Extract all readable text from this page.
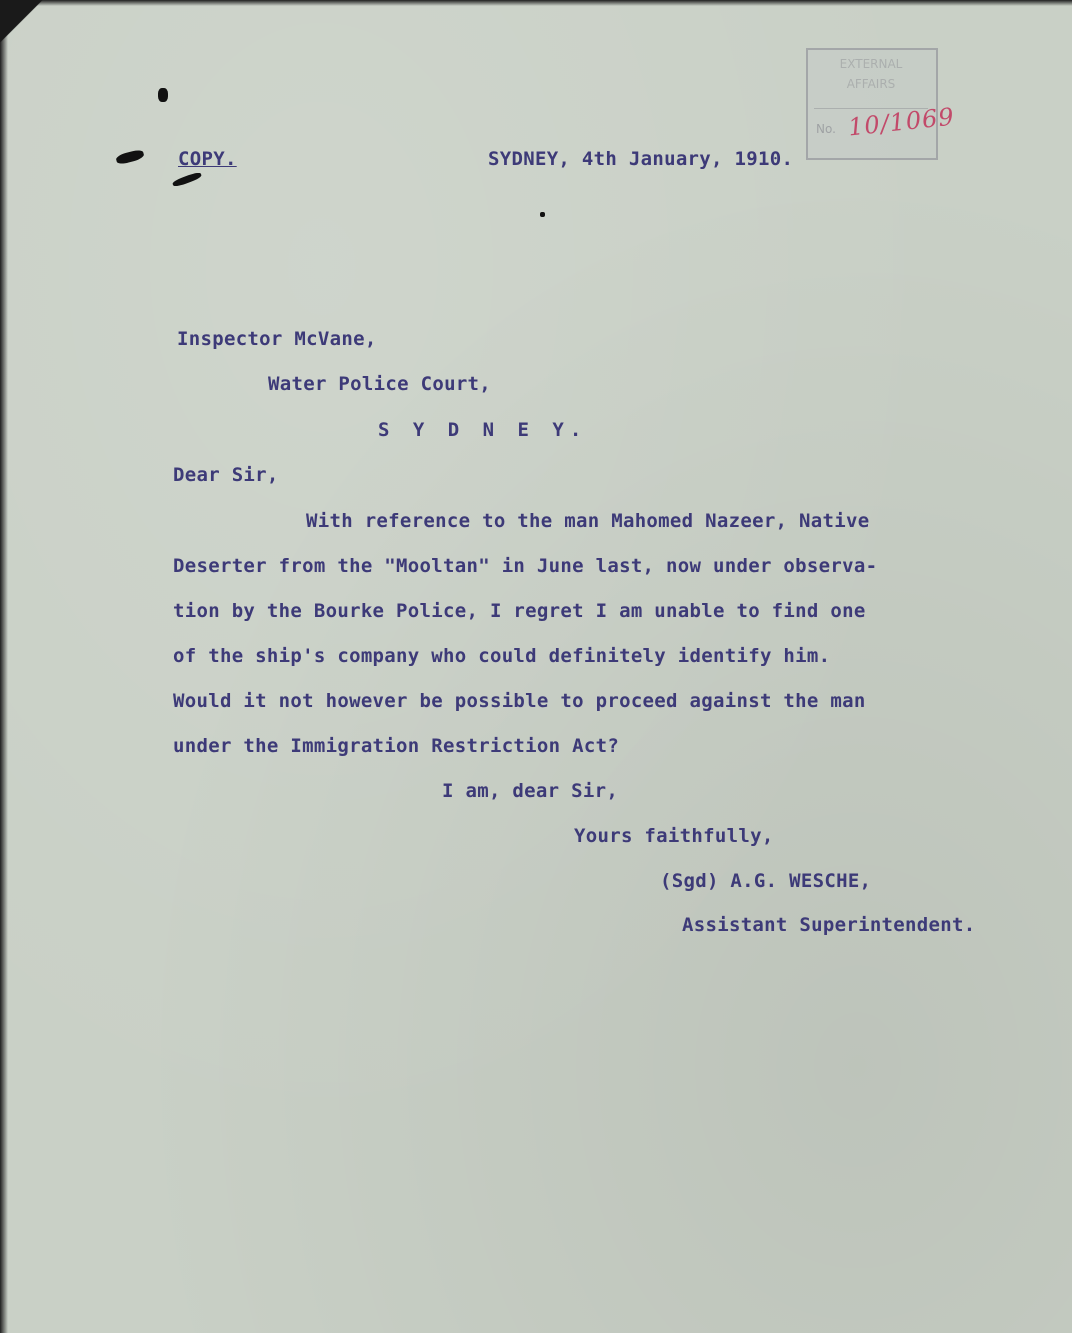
EXTERNAL AFFAIRS
No. 10/1069
COPY.	SYDNEY, 4th January, 1910.
Inspector McVane,
Water Police Court,
S Y D N E Y.
Dear Sir,
With reference to the man Mahomed Nazeer, Native
Deserter from the "Mooltan" in June last, now under observa-
tion by the Bourke Police, I regret I am unable to find one
of the ship's company who could definitely identify him.
Would it not however be possible to proceed against the man
under the Immigration Restriction Act?
I am, dear Sir,
Yours faithfully,
(Sgd) A.G. WESCHE,
Assistant Superintendent.
